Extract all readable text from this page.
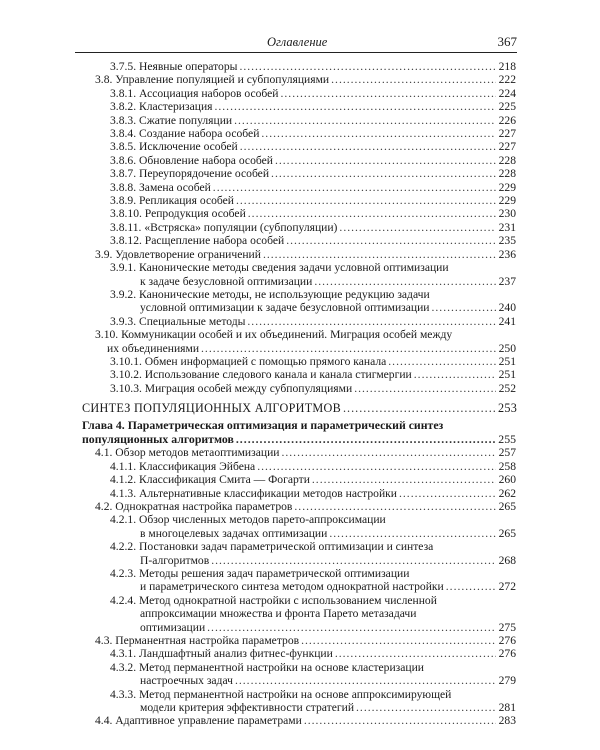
Оглавление	367
3.7.5. Неявные операторы .....	218
3.8. Управление популяцией и субпопуляциями .....	222
3.8.1. Ассоциация наборов особей .....	224
3.8.2. Кластеризация .....	225
3.8.3. Сжатие популяции .....	226
3.8.4. Создание набора особей .....	227
3.8.5. Исключение особей .....	227
3.8.6. Обновление набора особей .....	228
3.8.7. Переупорядочение особей .....	228
3.8.8. Замена особей .....	229
3.8.9. Репликация особей .....	229
3.8.10. Репродукция особей .....	230
3.8.11. «Встряска» популяции (субпопуляции) .....	231
3.8.12. Расщепление набора особей .....	235
3.9. Удовлетворение ограничений .....	236
3.9.1. Канонические методы сведения задачи условной оптимизации
к задаче безусловной оптимизации .....	237
3.9.2. Канонические методы, не использующие редукцию задачи
условной оптимизации к задаче безусловной оптимизации .....	240
3.9.3. Специальные методы .....	241
3.10. Коммуникации особей и их объединений. Миграция особей между
их объединениями .....	250
3.10.1. Обмен информацией с помощью прямого канала .....	251
3.10.2. Использование следового канала и канала стигмергии .....	251
3.10.3. Миграция особей между субпопуляциями .....	252
СИНТЕЗ ПОПУЛЯЦИОННЫХ АЛГОРИТМОВ .....	253
Глава 4. Параметрическая оптимизация и параметрический синтез
популяционных алгоритмов .....	255
4.1. Обзор методов метаоптимизации .....	257
4.1.1. Классификация Эйбена .....	258
4.1.2. Классификация Смита — Фогарти .....	260
4.1.3. Альтернативные классификации методов настройки .....	262
4.2. Однократная настройка параметров .....	265
4.2.1. Обзор численных методов парето-аппроксимации
в многоцелевых задачах оптимизации .....	265
4.2.2. Постановки задач параметрической оптимизации и синтеза
П-алгоритмов .....	268
4.2.3. Методы решения задач параметрической оптимизации
и параметрического синтеза методом однократной настройки .....	272
4.2.4. Метод однократной настройки с использованием численной
аппроксимации множества и фронта Парето метазадачи
оптимизации .....	275
4.3. Перманентная настройка параметров .....	276
4.3.1. Ландшафтный анализ фитнес-функции .....	276
4.3.2. Метод перманентной настройки на основе кластеризации
настроечных задач .....	279
4.3.3. Метод перманентной настройки на основе аппроксимирующей
модели критерия эффективности стратегий .....	281
4.4. Адаптивное управление параметрами .....	283
